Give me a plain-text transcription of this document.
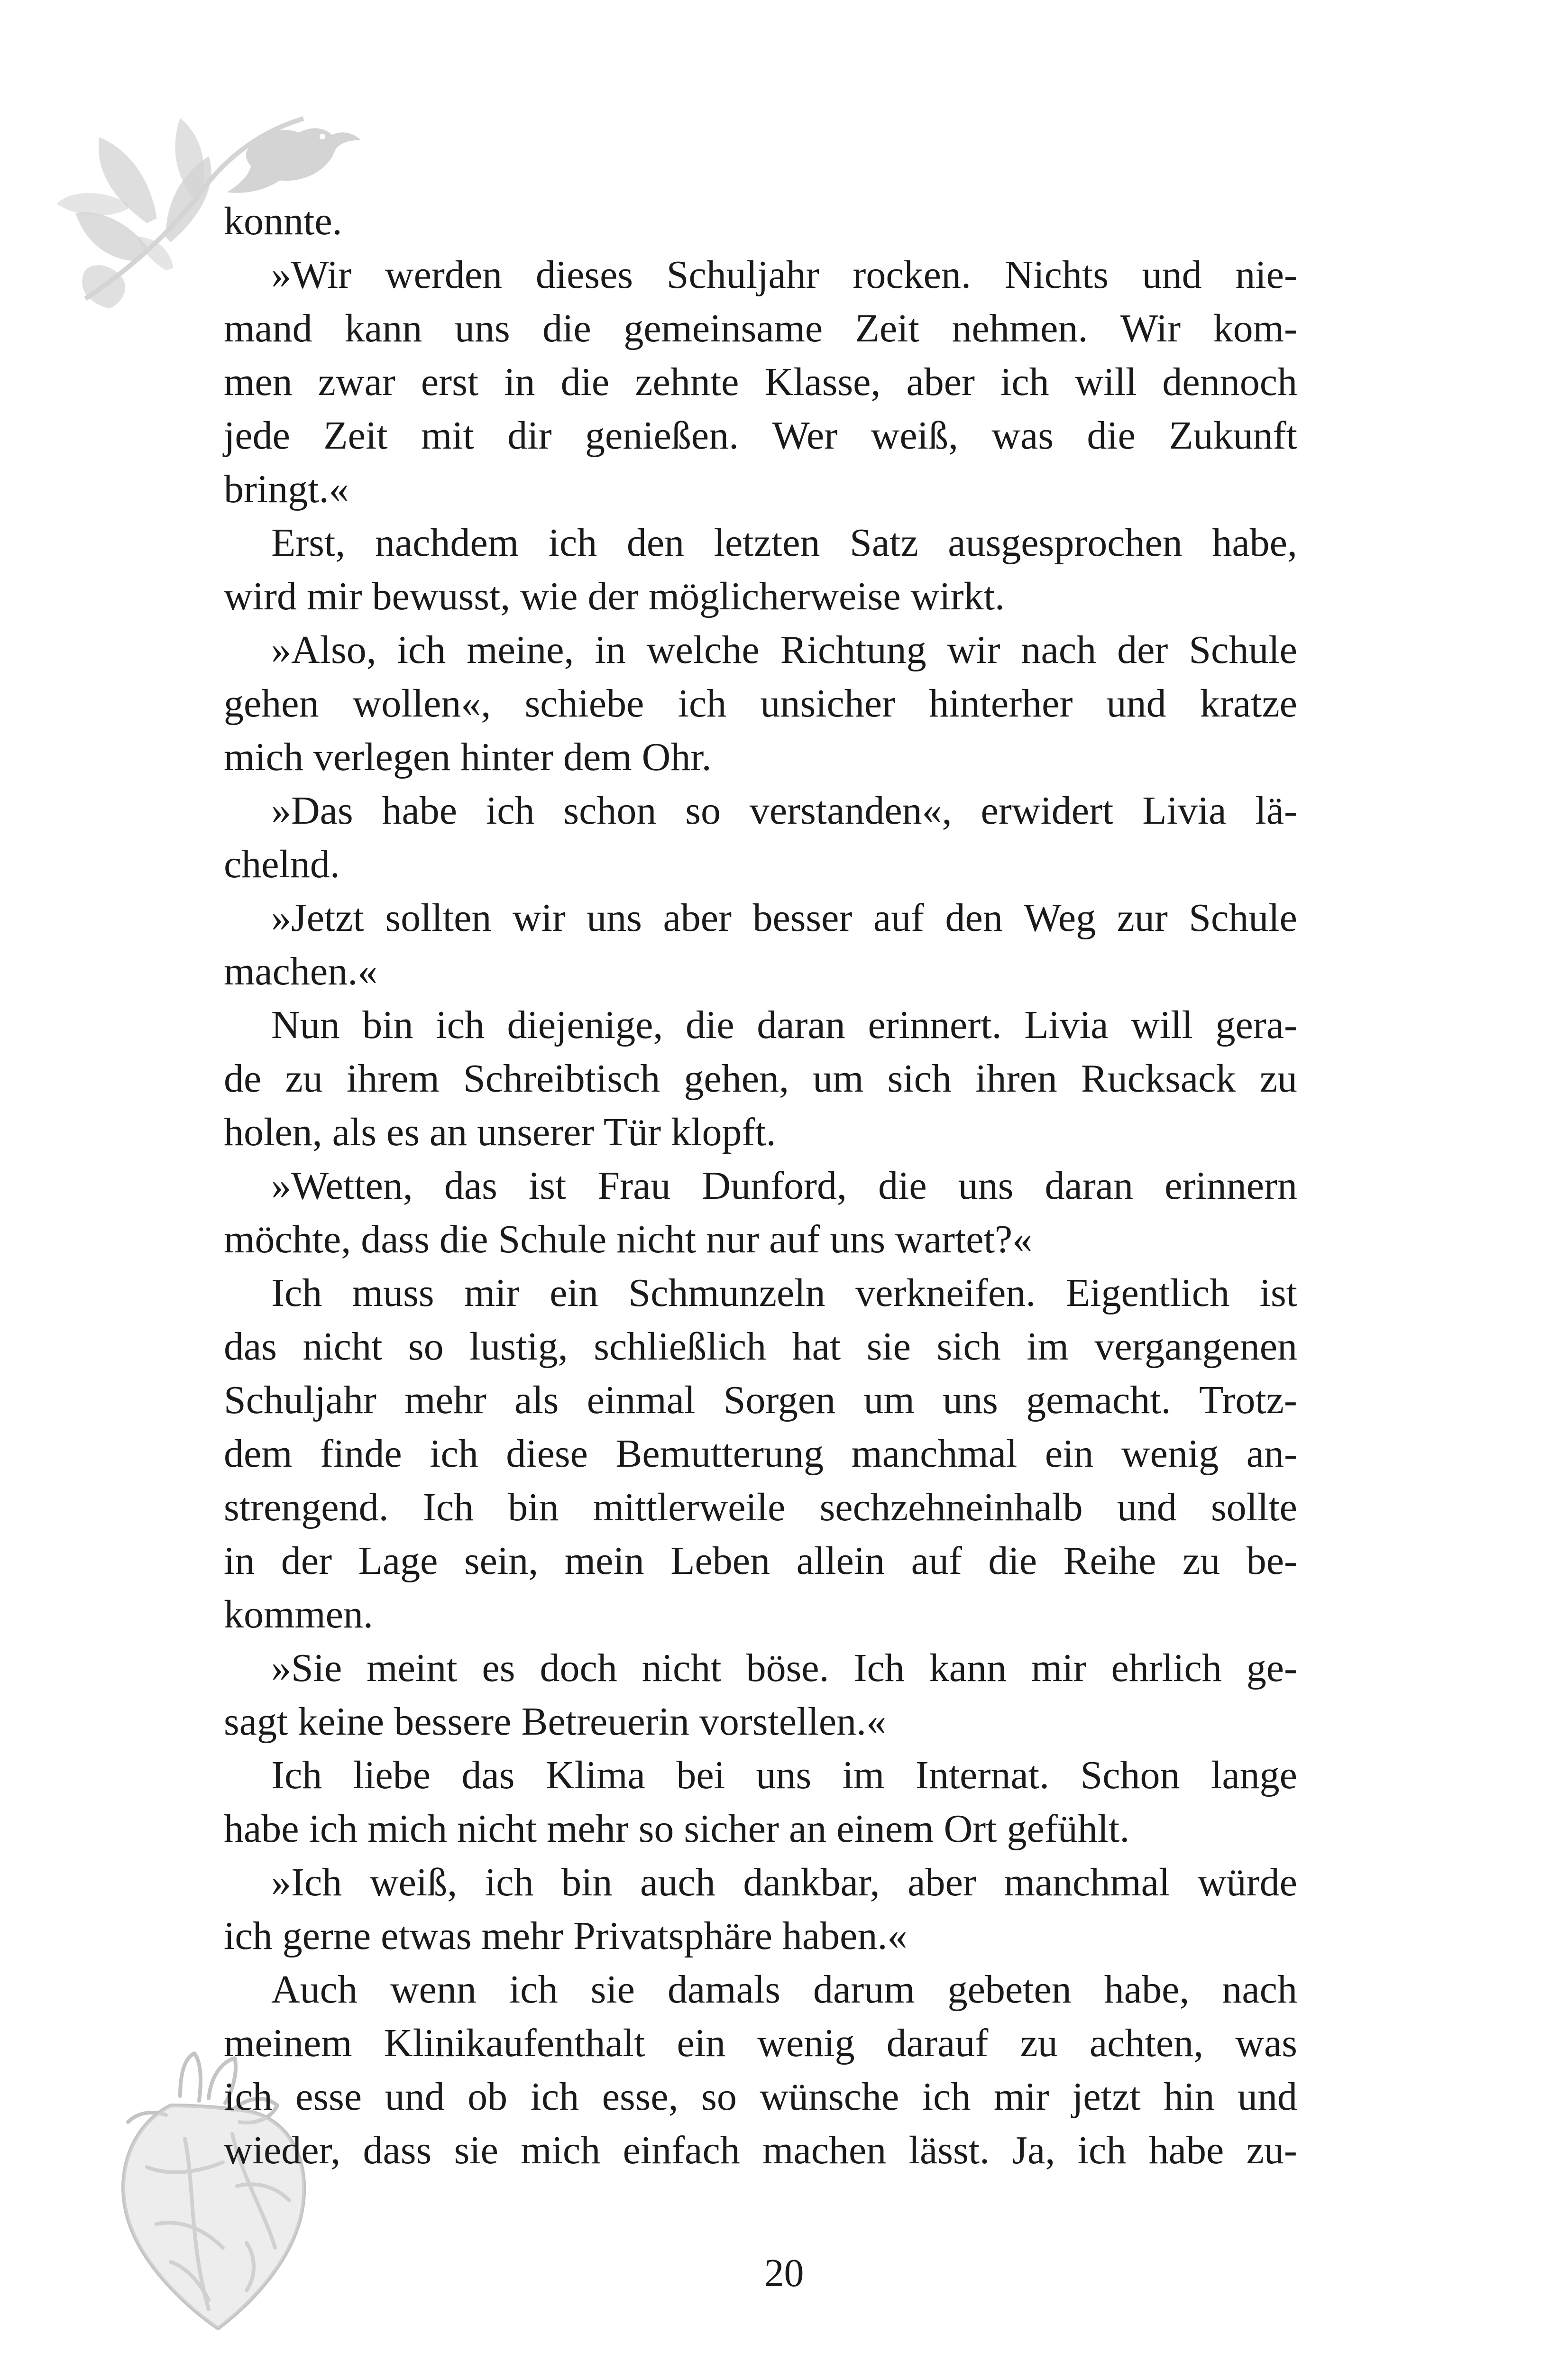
konnte.
»Wir werden dieses Schuljahr rocken. Nichts und nie-
mand kann uns die gemeinsame Zeit nehmen. Wir kom-
men zwar erst in die zehnte Klasse, aber ich will dennoch
jede Zeit mit dir genießen. Wer weiß, was die Zukunft
bringt.«
Erst, nachdem ich den letzten Satz ausgesprochen habe,
wird mir bewusst, wie der möglicherweise wirkt.
»Also, ich meine, in welche Richtung wir nach der Schule
gehen wollen«, schiebe ich unsicher hinterher und kratze
mich verlegen hinter dem Ohr.
»Das habe ich schon so verstanden«, erwidert Livia lä-
chelnd.
»Jetzt sollten wir uns aber besser auf den Weg zur Schule
machen.«
Nun bin ich diejenige, die daran erinnert. Livia will gera-
de zu ihrem Schreibtisch gehen, um sich ihren Rucksack zu
holen, als es an unserer Tür klopft.
»Wetten, das ist Frau Dunford, die uns daran erinnern
möchte, dass die Schule nicht nur auf uns wartet?«
Ich muss mir ein Schmunzeln verkneifen. Eigentlich ist
das nicht so lustig, schließlich hat sie sich im vergangenen
Schuljahr mehr als einmal Sorgen um uns gemacht. Trotz-
dem finde ich diese Bemutterung manchmal ein wenig an-
strengend. Ich bin mittlerweile sechzehneinhalb und sollte
in der Lage sein, mein Leben allein auf die Reihe zu be-
kommen.
»Sie meint es doch nicht böse. Ich kann mir ehrlich ge-
sagt keine bessere Betreuerin vorstellen.«
Ich liebe das Klima bei uns im Internat. Schon lange
habe ich mich nicht mehr so sicher an einem Ort gefühlt.
»Ich weiß, ich bin auch dankbar, aber manchmal würde
ich gerne etwas mehr Privatsphäre haben.«
Auch wenn ich sie damals darum gebeten habe, nach
meinem Klinikaufenthalt ein wenig darauf zu achten, was
ich esse und ob ich esse, so wünsche ich mir jetzt hin und
wieder, dass sie mich einfach machen lässt. Ja, ich habe zu-
20
